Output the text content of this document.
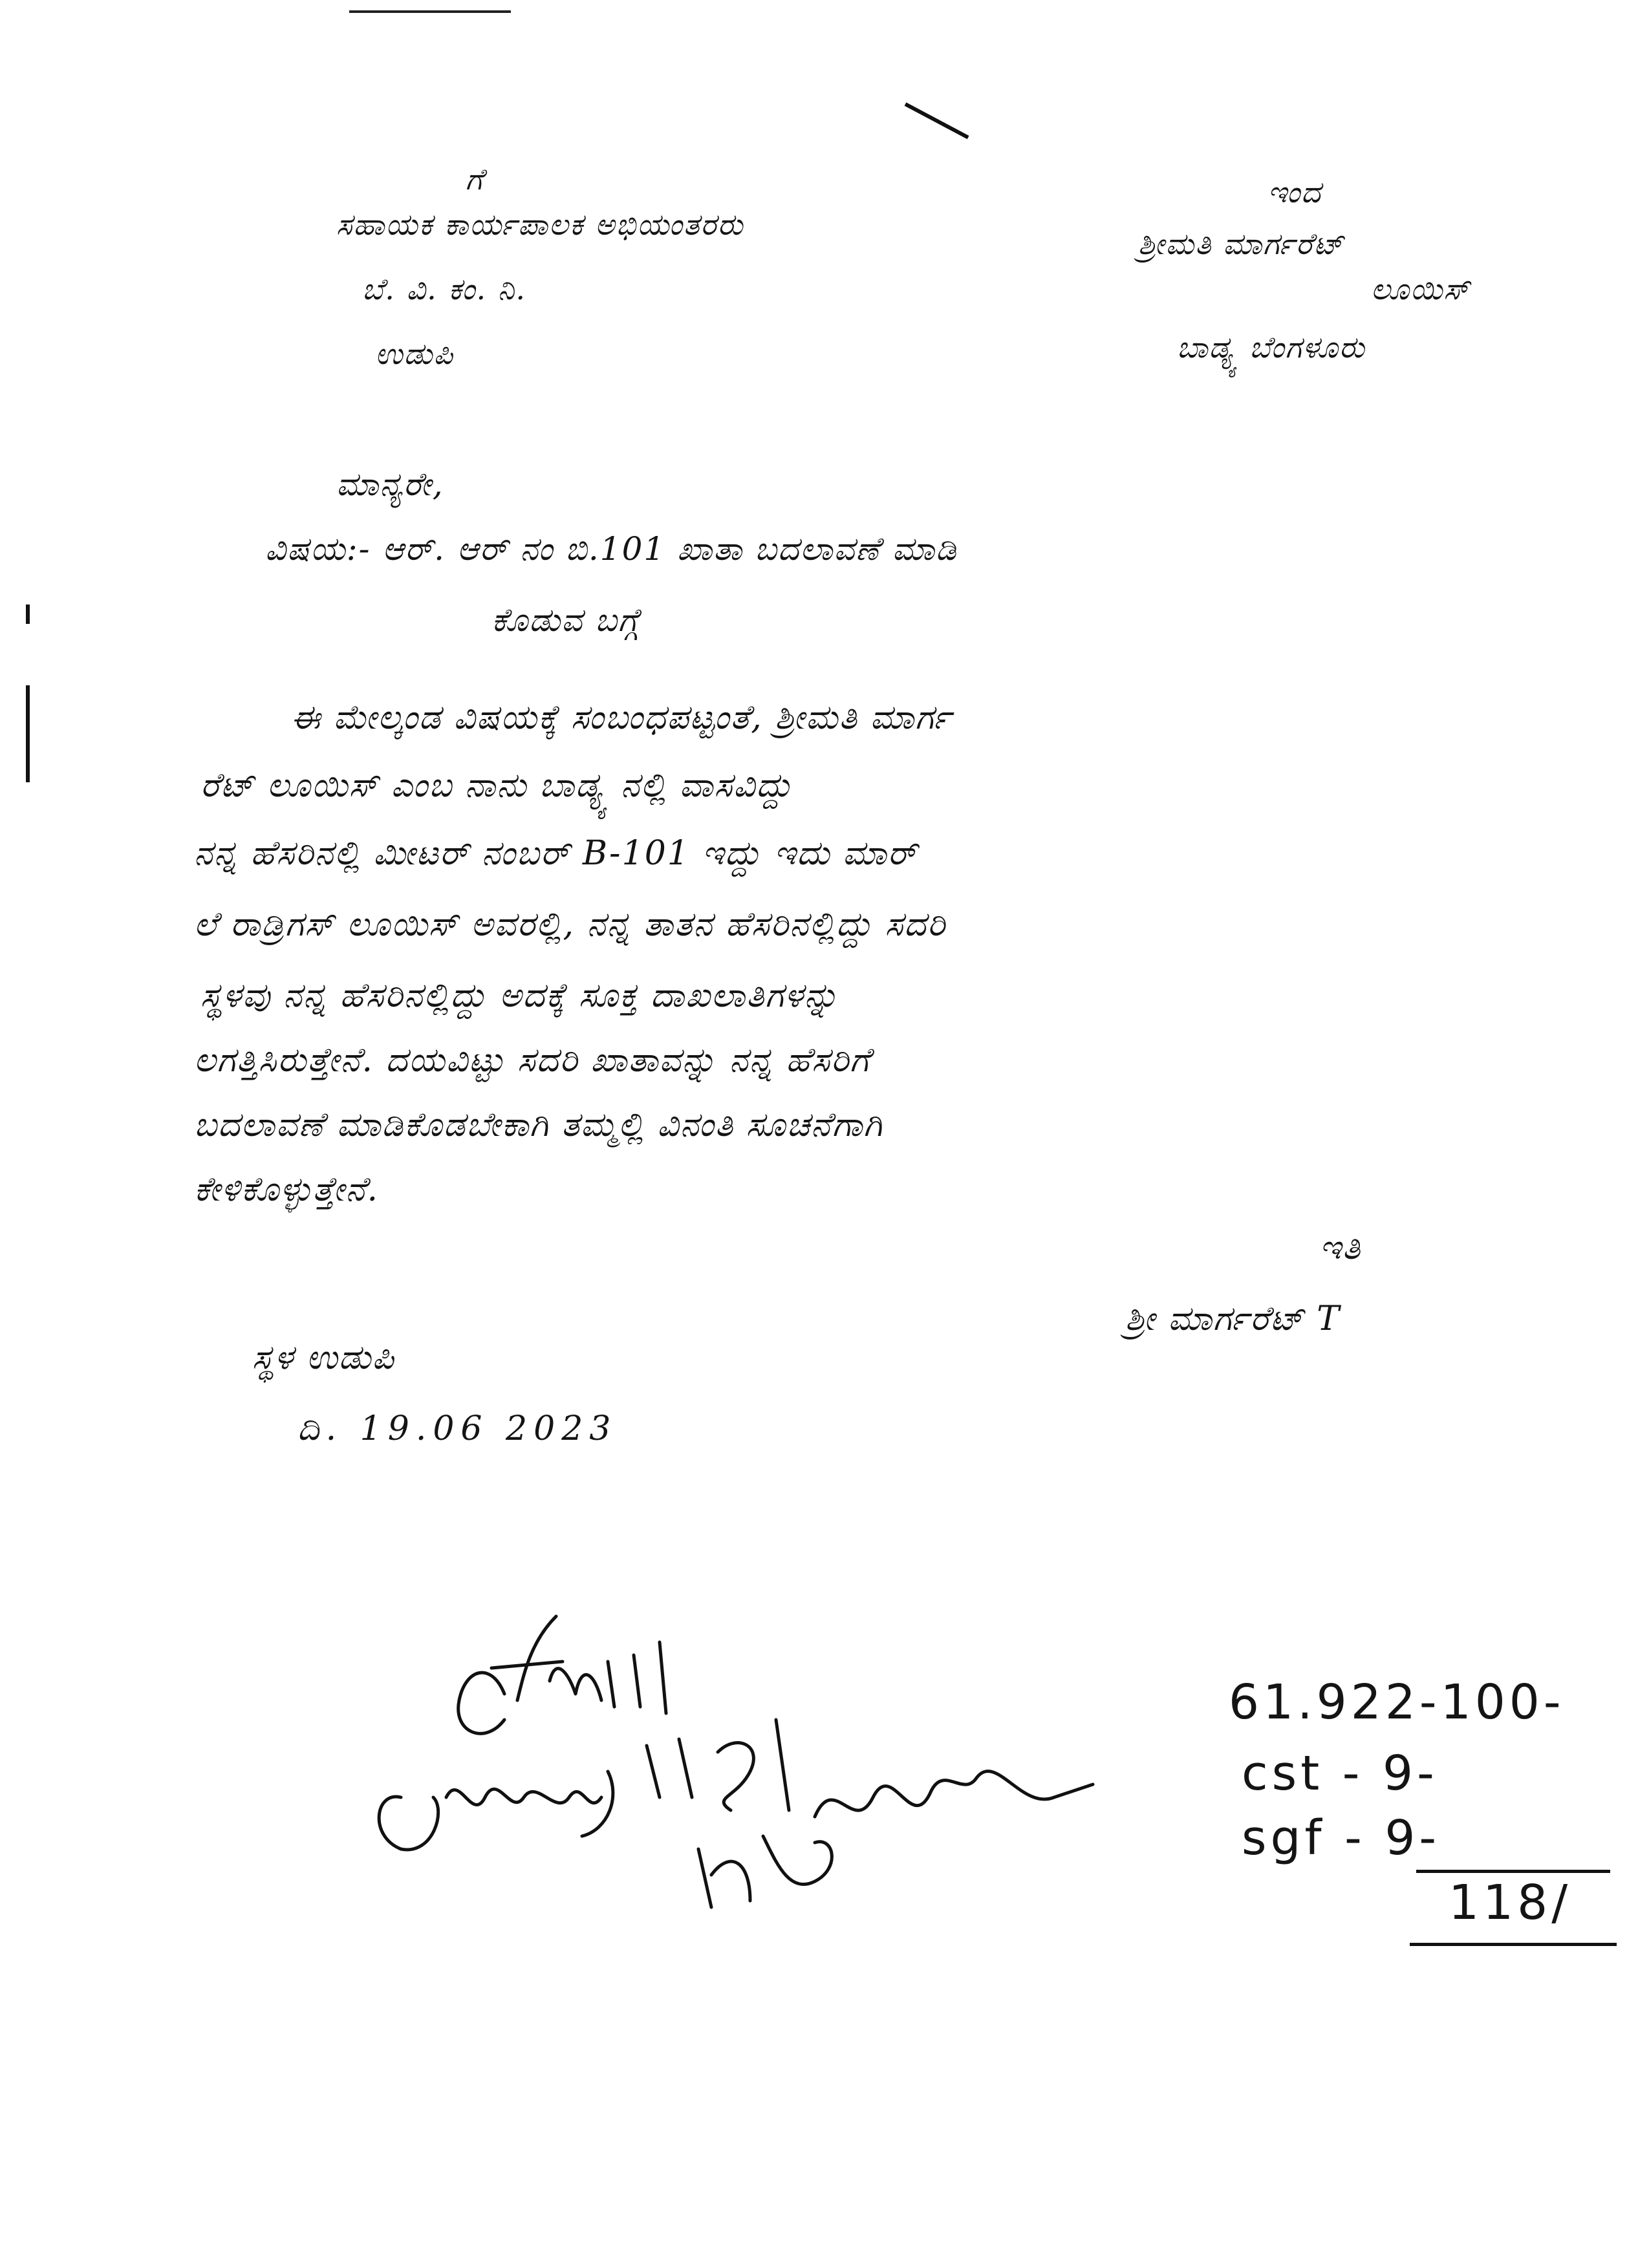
ಗೆ
ಸಹಾಯಕ ಕಾರ್ಯಪಾಲಕ ಅಭಿಯಂತರರು
ಬೆ. ವಿ. ಕಂ. ನಿ.
ಉಡುಪಿ
ಇಂದ
ಶ್ರೀಮತಿ ಮಾರ್ಗರೆಟ್
ಲೂಯಿಸ್
ಬಾಡ್ಯ್ಯ ಬೆಂಗಳೂರು
ಮಾನ್ಯರೇ,
ವಿಷಯ:- ಆರ್. ಆರ್ ನಂ ಬಿ.101 ಖಾತಾ ಬದಲಾವಣೆ ಮಾಡಿ
ಕೊಡುವ ಬಗ್ಗೆ
ಈ ಮೇಲ್ಕಂಡ ವಿಷಯಕ್ಕೆ ಸಂಬಂಧಪಟ್ಟಂತೆ, ಶ್ರೀಮತಿ ಮಾರ್ಗ
ರೆಟ್ ಲೂಯಿಸ್ ಎಂಬ ನಾನು ಬಾಡ್ಯ್ಯ ನಲ್ಲಿ ವಾಸವಿದ್ದು
ನನ್ನ ಹೆಸರಿನಲ್ಲಿ ಮೀಟರ್ ನಂಬರ್ B-101 ಇದ್ದು ಇದು ಮಾರ್
ಲೆ ರಾಡ್ರಿಗಸ್ ಲೂಯಿಸ್ ಅವರಲ್ಲಿ, ನನ್ನ ತಾತನ ಹೆಸರಿನಲ್ಲಿದ್ದು ಸದರಿ
ಸ್ಥಳವು ನನ್ನ ಹೆಸರಿನಲ್ಲಿದ್ದು ಅದಕ್ಕೆ ಸೂಕ್ತ ದಾಖಲಾತಿಗಳನ್ನು
ಲಗತ್ತಿಸಿರುತ್ತೇನೆ. ದಯವಿಟ್ಟು ಸದರಿ ಖಾತಾವನ್ನು ನನ್ನ ಹೆಸರಿಗೆ
ಬದಲಾವಣೆ ಮಾಡಿಕೊಡಬೇಕಾಗಿ ತಮ್ಮಲ್ಲಿ ವಿನಂತಿ ಸೂಚನೆಗಾಗಿ
ಕೇಳಿಕೊಳ್ಳುತ್ತೇನೆ.
ಇತಿ
ಶ್ರೀ ಮಾರ್ಗರೆಟ್ T
ಸ್ಥಳ ಉಡುಪಿ
ದಿ. 19.06 2023
61.922-100-
cst - 9-
sgf - 9-
118/
